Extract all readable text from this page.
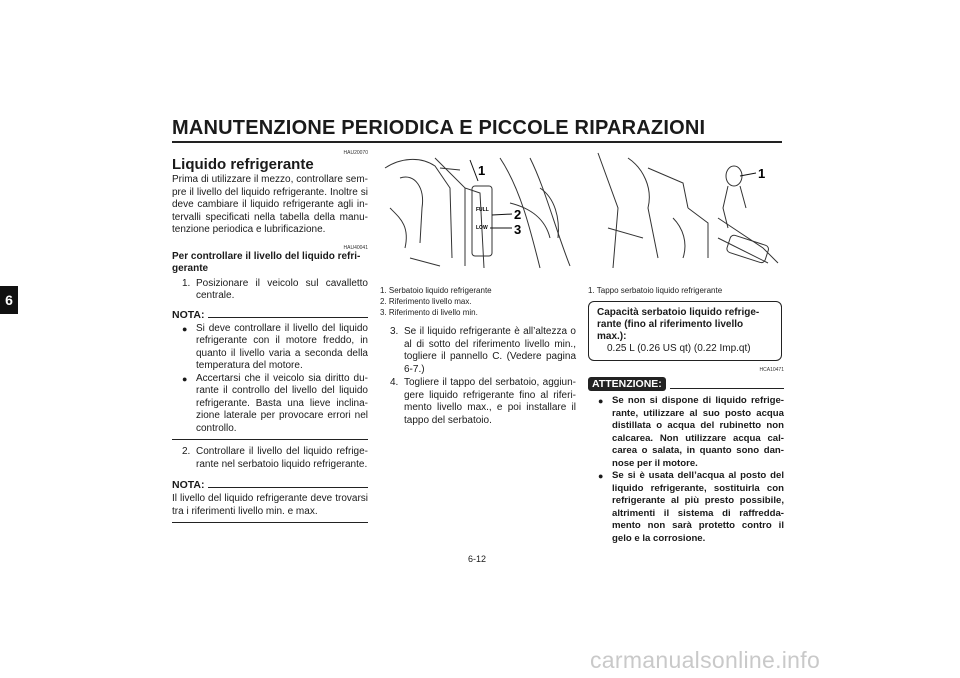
MANUTENZIONE PERIODICA E PICCOLE RIPARAZIONI
6
HAU20070
Liquido refrigerante
Prima di utilizzare il mezzo, controllare sem- pre il livello del liquido refrigerante. Inoltre si deve cambiare il liquido refrigerante agli in- tervalli specificati nella tabella della manu- tenzione periodica e lubrificazione.
HAU40041
Per controllare il livello del liquido refri- gerante
1. Posizionare il veicolo sul cavalletto centrale.
NOTA:
● Si deve controllare il livello del liquido refrigerante con il motore freddo, in quanto il livello varia a seconda della temperatura del motore.
● Accertarsi che il veicolo sia diritto du- rante il controllo del livello del liquido refrigerante. Basta una lieve inclina- zione laterale per provocare errori nel controllo.
2. Controllare il livello del liquido refrige- rante nel serbatoio liquido refrigerante.
NOTA:
Il livello del liquido refrigerante deve trovarsi tra i riferimenti livello min. e max.
FULL
LOW
1
2
3
1. Serbatoio liquido refrigerante
2. Riferimento livello max.
3. Riferimento di livello min.
3. Se il liquido refrigerante è all’altezza o al di sotto del riferimento livello min., togliere il pannello C. (Vedere pagina 6-7.)
4. Togliere il tappo del serbatoio, aggiun- gere liquido refrigerante fino al riferi- mento livello max., e poi installare il tappo del serbatoio.
1
1. Tappo serbatoio liquido refrigerante
Capacità serbatoio liquido refrige- rante (fino al riferimento livello max.):
0.25 L (0.26 US qt) (0.22 Imp.qt)
ATTENZIONE:
HCA10471
● Se non si dispone di liquido refrige- rante, utilizzare al suo posto acqua distillata o acqua del rubinetto non calcarea. Non utilizzare acqua cal- carea o salata, in quanto sono dan- nose per il motore.
● Se si è usata dell’acqua al posto del liquido refrigerante, sostituirla con refrigerante al più presto possibile, altrimenti il sistema di raffredda- mento non sarà protetto contro il gelo e la corrosione.
6-12
carmanualsonline.info
